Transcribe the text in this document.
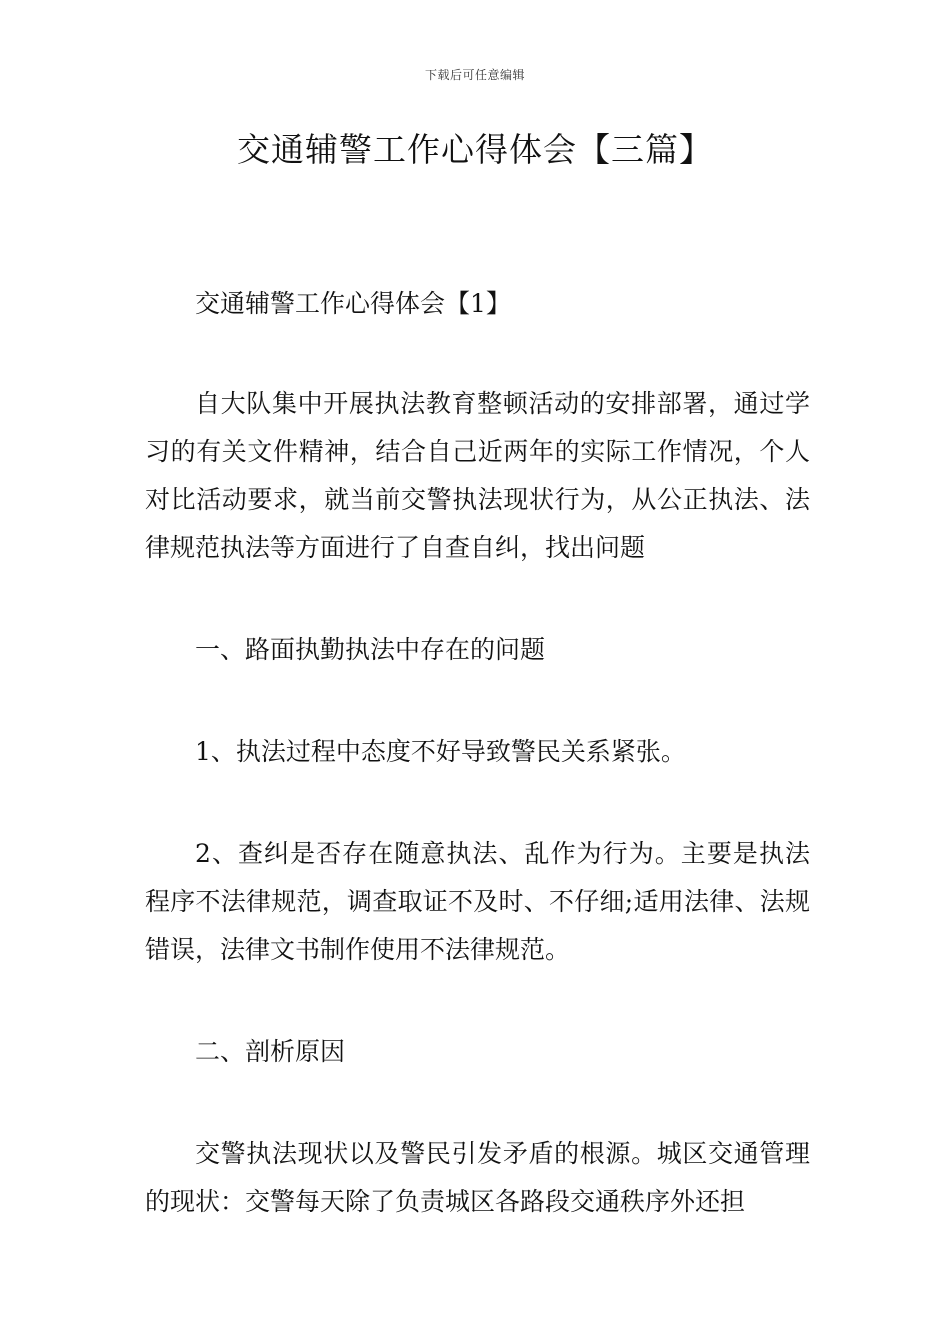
下载后可任意编辑
交通辅警工作心得体会【三篇】

交通辅警工作心得体会【1】

自大队集中开展执法教育整顿活动的安排部署，通过学习的有关文件精神，结合自己近两年的实际工作情况，个人对比活动要求，就当前交警执法现状行为，从公正执法、法律规范执法等方面进行了自查自纠，找出问题

一、路面执勤执法中存在的问题

1、执法过程中态度不好导致警民关系紧张。

2、查纠是否存在随意执法、乱作为行为。主要是执法程序不法律规范，调查取证不及时、不仔细;适用法律、法规错误，法律文书制作使用不法律规范。

二、剖析原因

交警执法现状以及警民引发矛盾的根源。城区交通管理的现状：交警每天除了负责城区各路段交通秩序外还担
